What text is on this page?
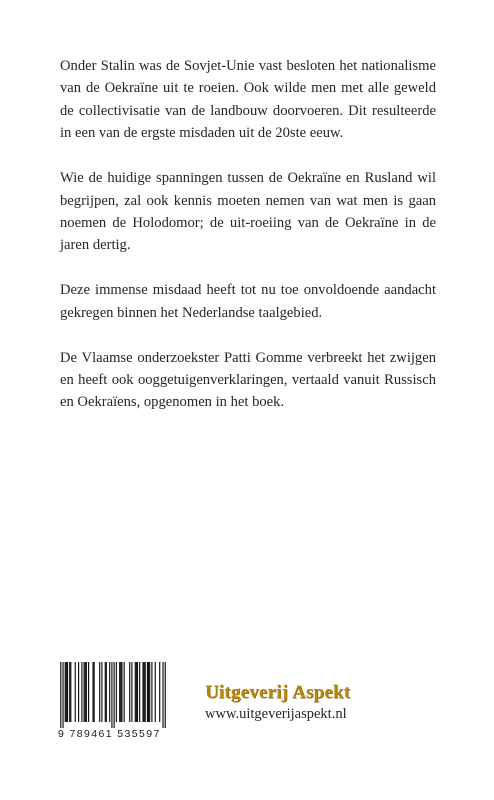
Onder Stalin was de Sovjet-Unie vast besloten het nationalisme van de Oekraïne uit te roeien. Ook wilde men met alle geweld de collectivisatie van de landbouw doorvoeren. Dit resulteerde in een van de ergste misdaden uit de 20ste eeuw.

Wie de huidige spanningen tussen de Oekraïne en Rusland wil begrijpen, zal ook kennis moeten nemen van wat men is gaan noemen de Holodomor; de uit-roeiing van de Oekraïne in de jaren dertig.

Deze immense misdaad heeft tot nu toe onvoldoende aandacht gekregen binnen het Nederlandse taalgebied.

De Vlaamse onderzoekster Patti Gomme verbreekt het zwijgen en heeft ook ooggetuigenverklaringen, vertaald vanuit Russisch en Oekraïens, opgenomen in het boek.

9 789461 535597
Uitgeverij Aspekt
www.uitgeverijaspekt.nl
